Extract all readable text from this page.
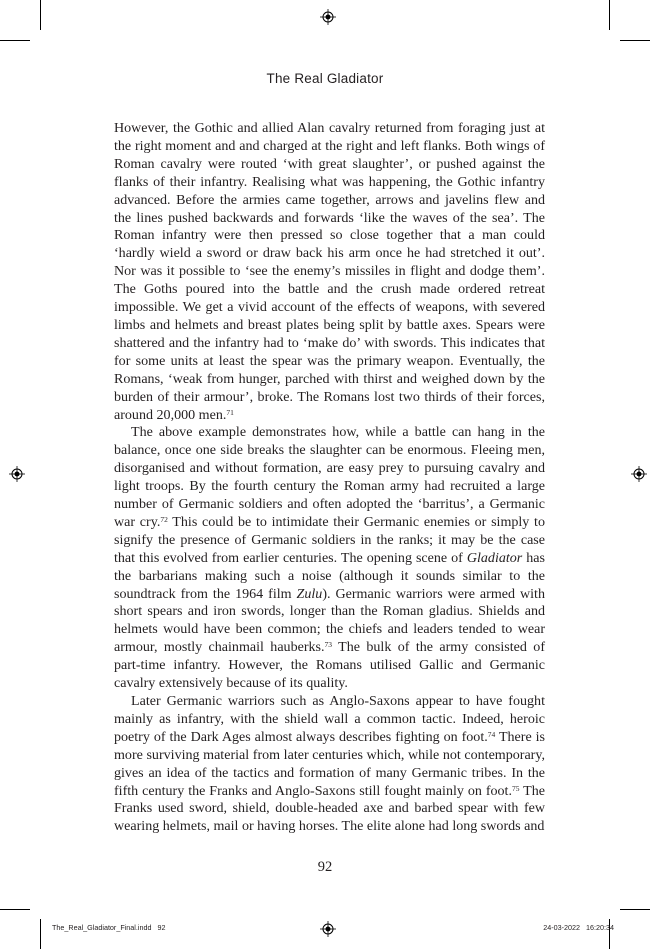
The Real Gladiator

However, the Gothic and allied Alan cavalry returned from foraging just at the right moment and and charged at the right and left flanks. Both wings of Roman cavalry were routed ‘with great slaughter’, or pushed against the flanks of their infantry. Realising what was happening, the Gothic infantry advanced. Before the armies came together, arrows and javelins flew and the lines pushed backwards and forwards ‘like the waves of the sea’. The Roman infantry were then pressed so close together that a man could ‘hardly wield a sword or draw back his arm once he had stretched it out’. Nor was it possible to ‘see the enemy’s missiles in flight and dodge them’. The Goths poured into the battle and the crush made ordered retreat impossible. We get a vivid account of the effects of weapons, with severed limbs and helmets and breast plates being split by battle axes. Spears were shattered and the infantry had to ‘make do’ with swords. This indicates that for some units at least the spear was the primary weapon. Eventually, the Romans, ‘weak from hunger, parched with thirst and weighed down by the burden of their armour’, broke. The Romans lost two thirds of their forces, around 20,000 men.$^{71}$

The above example demonstrates how, while a battle can hang in the balance, once one side breaks the slaughter can be enormous. Fleeing men, disorganised and without formation, are easy prey to pursuing cavalry and light troops. By the fourth century the Roman army had recruited a large number of Germanic soldiers and often adopted the ‘barritus’, a Germanic war cry.$^{72}$ This could be to intimidate their Germanic enemies or simply to signify the presence of Germanic soldiers in the ranks; it may be the case that this evolved from earlier centuries. The opening scene of Gladiator has the barbarians making such a noise (although it sounds similar to the soundtrack from the 1964 film Zulu). Germanic warriors were armed with short spears and iron swords, longer than the Roman gladius. Shields and helmets would have been common; the chiefs and leaders tended to wear armour, mostly chainmail hauberks.$^{73}$ The bulk of the army consisted of part-time infantry. However, the Romans utilised Gallic and Germanic cavalry extensively because of its quality.

Later Germanic warriors such as Anglo-Saxons appear to have fought mainly as infantry, with the shield wall a common tactic. Indeed, heroic poetry of the Dark Ages almost always describes fighting on foot.$^{74}$ There is more surviving material from later centuries which, while not contemporary, gives an idea of the tactics and formation of many Germanic tribes. In the fifth century the Franks and Anglo-Saxons still fought mainly on foot.$^{75}$ The Franks used sword, shield, double-headed axe and barbed spear with few wearing helmets, mail or having horses. The elite alone had long swords and

92
The_Real_Gladiator_Final.indd   92	24-03-2022   16:20:34
